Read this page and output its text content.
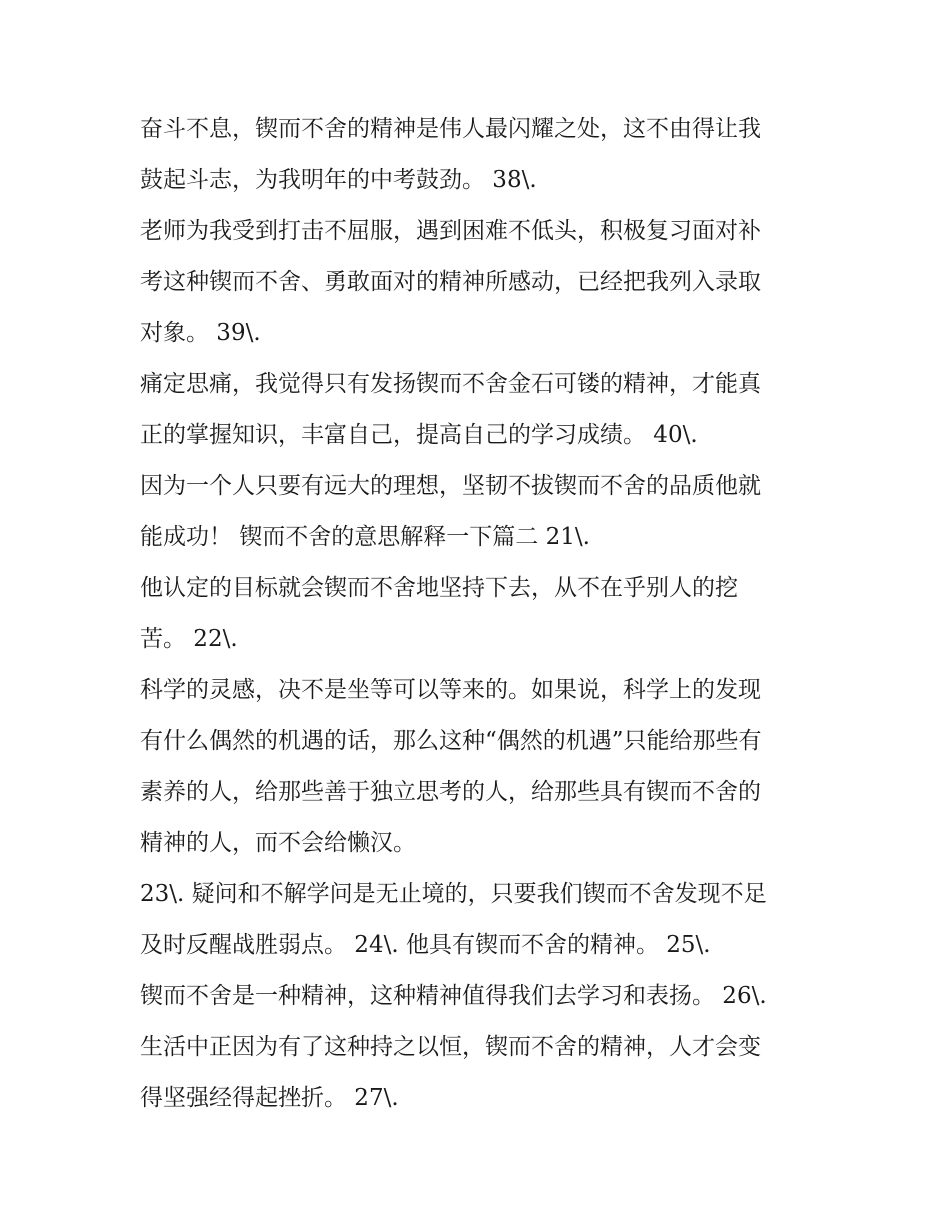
奋斗不息，锲而不舍的精神是伟人最闪耀之处，这不由得让我
鼓起斗志，为我明年的中考鼓劲。 38\.
老师为我受到打击不屈服，遇到困难不低头，积极复习面对补
考这种锲而不舍、勇敢面对的精神所感动，已经把我列入录取
对象。 39\.
痛定思痛，我觉得只有发扬锲而不舍金石可镂的精神，才能真
正的掌握知识，丰富自己，提高自己的学习成绩。 40\.
因为一个人只要有远大的理想，坚韧不拔锲而不舍的品质他就
能成功！ 锲而不舍的意思解释一下篇二 21\.
他认定的目标就会锲而不舍地坚持下去，从不在乎别人的挖
苦。 22\.
科学的灵感，决不是坐等可以等来的。如果说，科学上的发现
有什么偶然的机遇的话，那么这种“偶然的机遇”只能给那些有
素养的人，给那些善于独立思考的人，给那些具有锲而不舍的
精神的人，而不会给懒汉。
23\. 疑问和不解学问是无止境的，只要我们锲而不舍发现不足
及时反醒战胜弱点。 24\. 他具有锲而不舍的精神。 25\.
锲而不舍是一种精神，这种精神值得我们去学习和表扬。 26\.
生活中正因为有了这种持之以恒，锲而不舍的精神，人才会变
得坚强经得起挫折。 27\.
